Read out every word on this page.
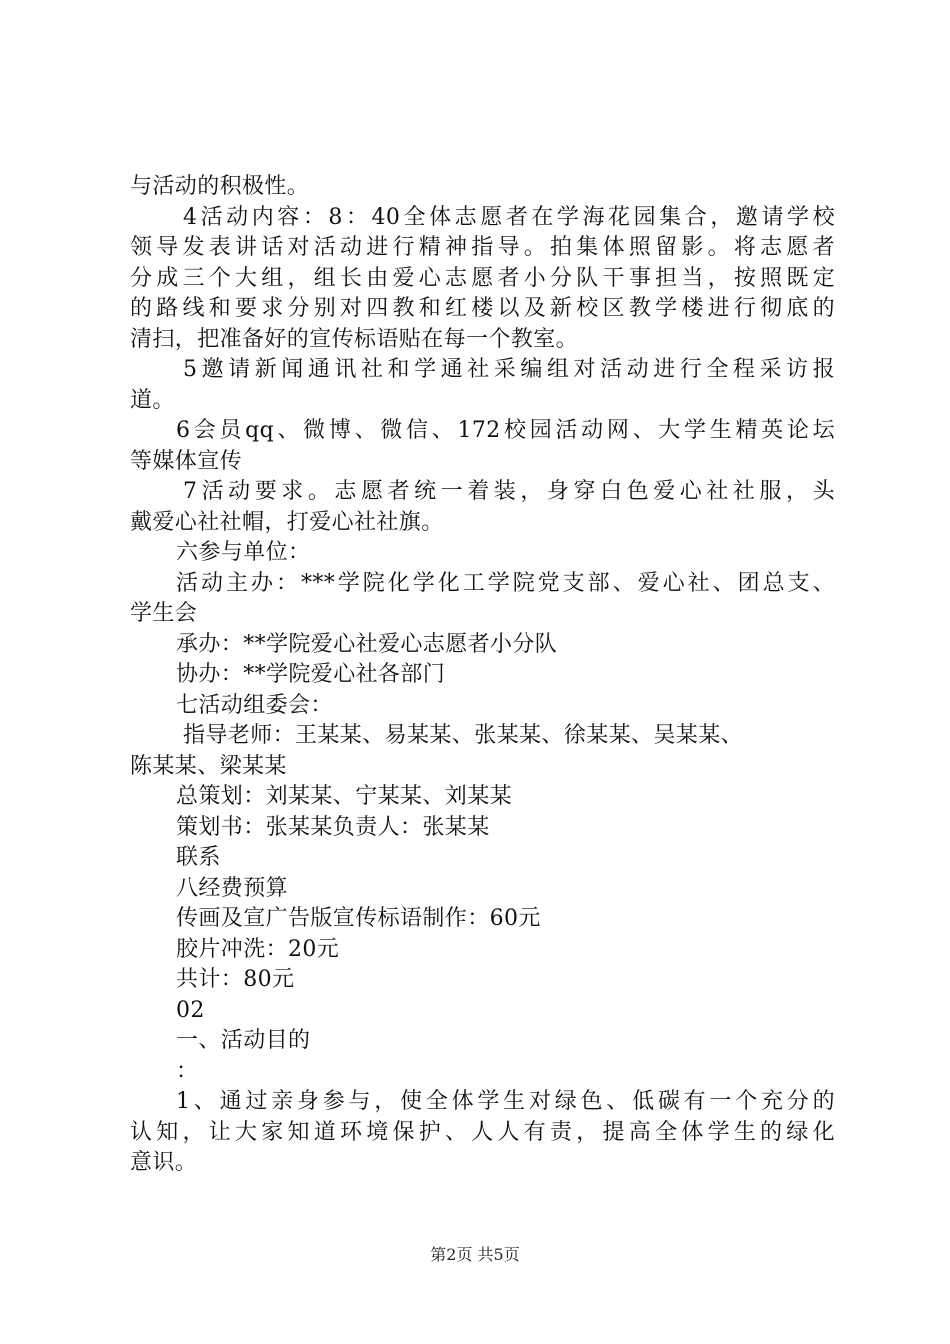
与活动的积极性。
4活动内容：8：40全体志愿者在学海花园集合，邀请学校
领导发表讲话对活动进行精神指导。拍集体照留影。将志愿者
分成三个大组，组长由爱心志愿者小分队干事担当，按照既定
的路线和要求分别对四教和红楼以及新校区教学楼进行彻底的
清扫，把准备好的宣传标语贴在每一个教室。
5邀请新闻通讯社和学通社采编组对活动进行全程采访报
道。
6会员qq、微博、微信、172校园活动网、大学生精英论坛
等媒体宣传
7活动要求。志愿者统一着装，身穿白色爱心社社服，头
戴爱心社社帽，打爱心社社旗。
六参与单位：
活动主办：***学院化学化工学院党支部、爱心社、团总支、
学生会
承办：**学院爱心社爱心志愿者小分队
协办：**学院爱心社各部门
七活动组委会：
指导老师：王某某、易某某、张某某、徐某某、吴某某、
陈某某、梁某某
总策划：刘某某、宁某某、刘某某
策划书：张某某负责人：张某某
联系
八经费预算
传画及宣广告版宣传标语制作：60元
胶片冲洗：20元
共计：80元
02
一、活动目的
：
1、通过亲身参与，使全体学生对绿色、低碳有一个充分的
认知，让大家知道环境保护、人人有责，提高全体学生的绿化
意识。
第2页 共5页
